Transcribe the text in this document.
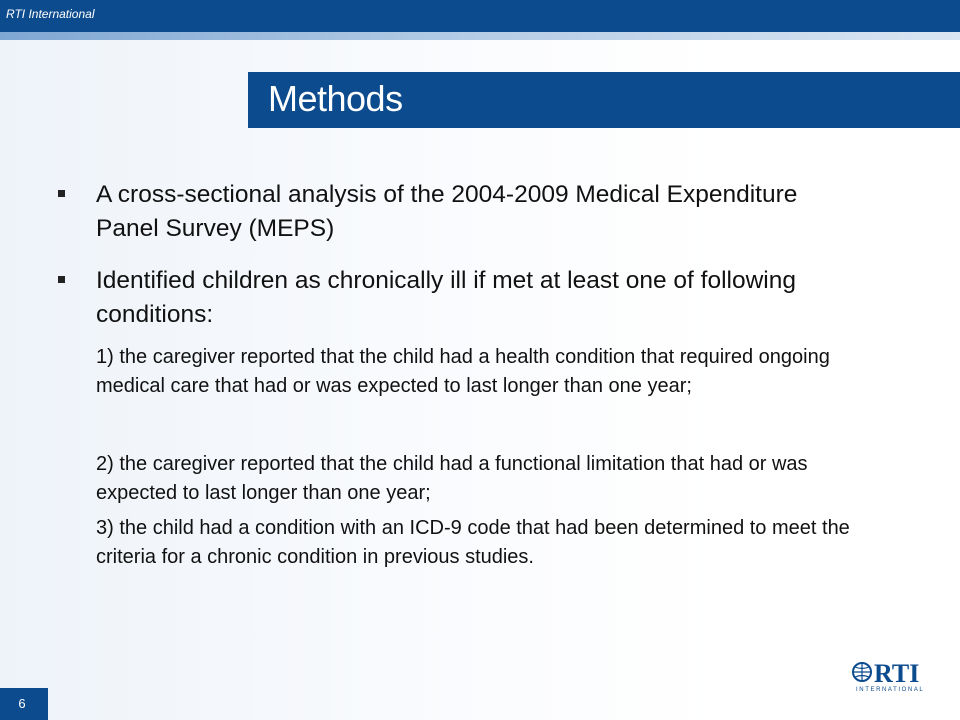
RTI International
Methods
A cross-sectional analysis of the 2004-2009 Medical Expenditure Panel Survey (MEPS)
Identified children as chronically ill if met at least one of following conditions:
1) the caregiver reported that the child had a health condition that required ongoing medical care that had or was expected to last longer than one year;
2) the caregiver reported that the child had a functional limitation that had or was expected to last longer than one year;
3) the child had a condition with an ICD-9 code that had been determined to meet the criteria for a chronic condition in previous studies.
6
RTI
INTERNATIONAL
